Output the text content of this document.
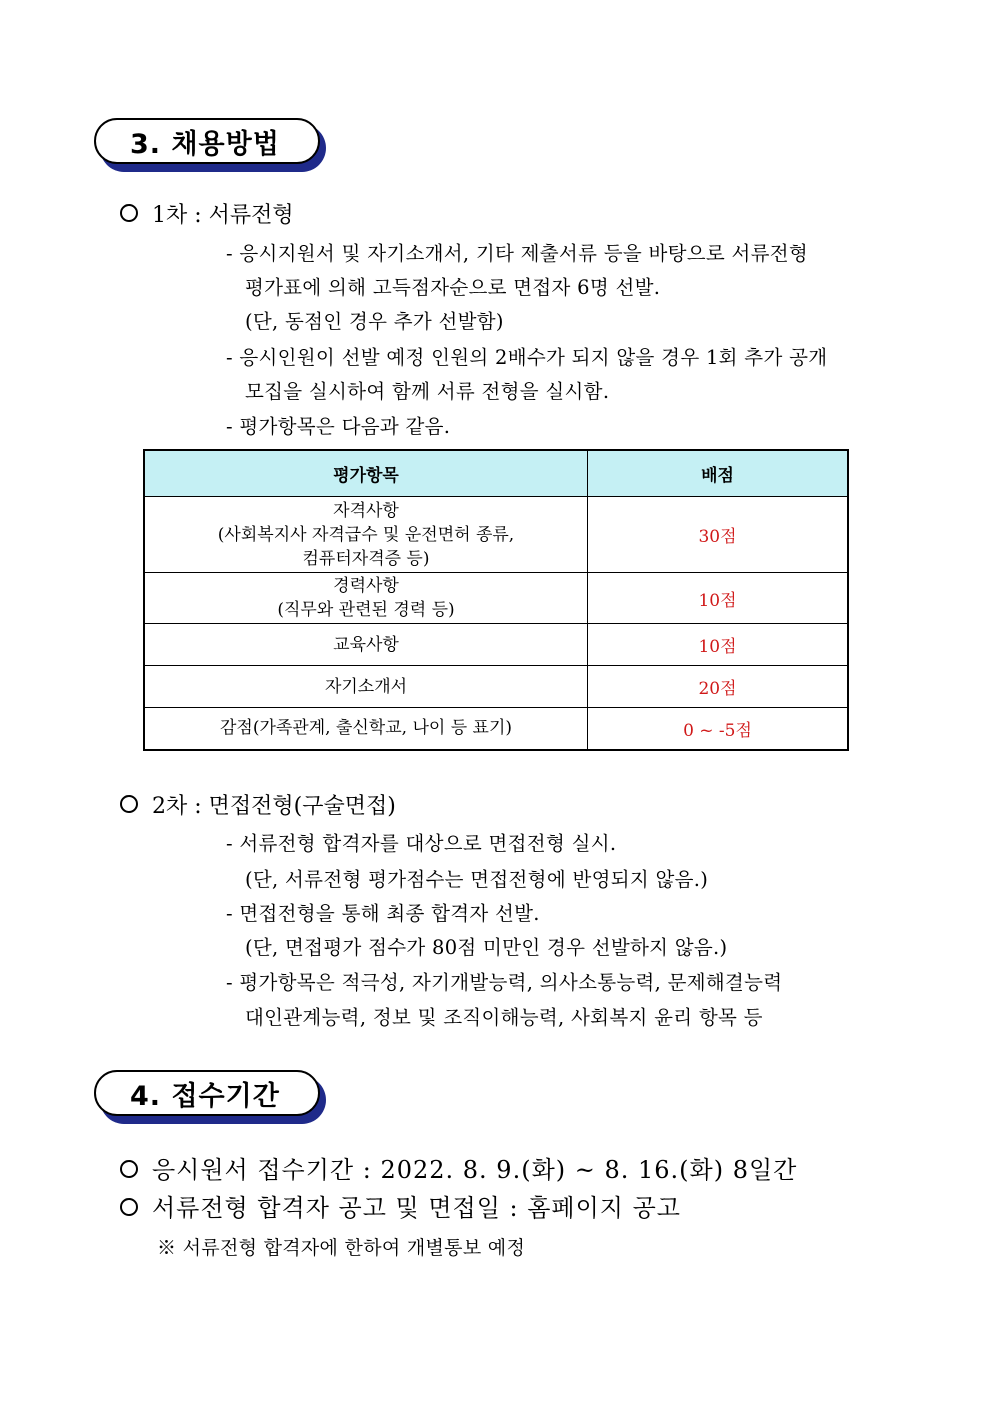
3. 채용방법
1차 : 서류전형
- 응시지원서 및 자기소개서, 기타 제출서류 등을 바탕으로 서류전형
평가표에 의해 고득점자순으로 면접자 6명 선발.
(단, 동점인 경우 추가 선발함)
- 응시인원이 선발 예정 인원의 2배수가 되지 않을 경우 1회 추가 공개
모집을 실시하여 함께 서류 전형을 실시함.
- 평가항목은 다음과 같음.
평가항목	배점

자격사항
(사회복지사 자격급수 및 운전면허 종류,
컴퓨터자격증 등)	30점

경력사항
(직무와 관련된 경력 등)	10점
교육사항	10점
자기소개서	20점
감점(가족관계, 출신학교, 나이 등 표기)	0 ~ -5점
2차 : 면접전형(구술면접)
- 서류전형 합격자를 대상으로 면접전형 실시.
(단, 서류전형 평가점수는 면접전형에 반영되지 않음.)
- 면접전형을 통해 최종 합격자 선발.
(단, 면접평가 점수가 80점 미만인 경우 선발하지 않음.)
- 평가항목은 적극성, 자기개발능력, 의사소통능력, 문제해결능력
대인관계능력, 정보 및 조직이해능력, 사회복지 윤리 항목 등
4. 접수기간
응시원서 접수기간 : 2022. 8. 9.(화) ~ 8. 16.(화) 8일간
서류전형 합격자 공고 및 면접일 : 홈페이지 공고
※ 서류전형 합격자에 한하여 개별통보 예정
